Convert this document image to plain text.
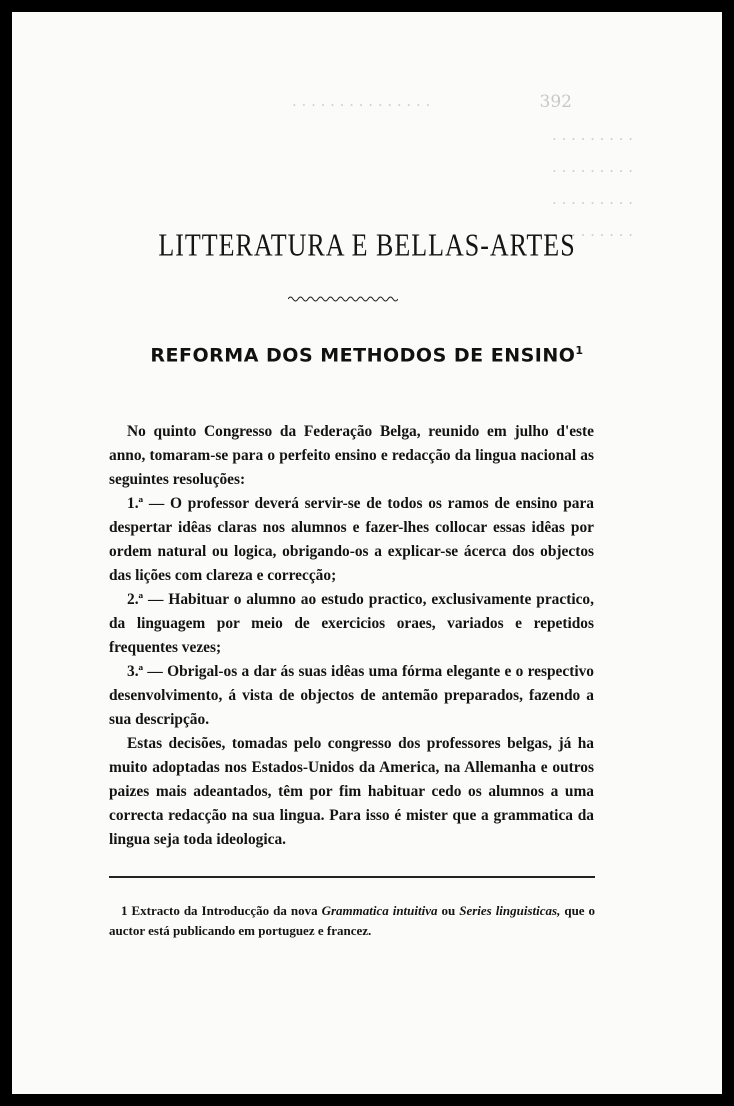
· · · · · · · · · · · · · · ·
· · · · · · · · ·
· · · · · · · · ·
· · · · · · · · ·
· · · · · · · · ·
392
LITTERATURA E BELLAS-ARTES
REFORMA DOS METHODOS DE ENSINO$^1$

No quinto Congresso da Federação Belga, reunido em julho d'este anno, tomaram-se para o perfeito ensino e redacção da lingua nacional as seguintes resoluções:

1.ª — O professor deverá servir-se de todos os ramos de ensino para despertar idêas claras nos alumnos e fazer-lhes collocar essas idêas por ordem natural ou logica, obrigando-os a explicar-se ácerca dos objectos das lições com clareza e correcção;

2.ª — Habituar o alumno ao estudo practico, exclusivamente practico, da linguagem por meio de exercicios oraes, variados e repetidos frequentes vezes;

3.ª — Obrigal-os a dar ás suas idêas uma fórma elegante e o respectivo desenvolvimento, á vista de objectos de antemão preparados, fazendo a sua descripção.

Estas decisões, tomadas pelo congresso dos professores belgas, já ha muito adoptadas nos Estados-Unidos da America, na Allemanha e outros paizes mais adeantados, têm por fim habituar cedo os alumnos a uma correcta redacção na sua lingua. Para isso é mister que a grammatica da lingua seja toda ideologica.

1 Extracto da Introducção da nova Grammatica intuitiva ou Series linguisticas, que o auctor está publicando em portuguez e francez.
